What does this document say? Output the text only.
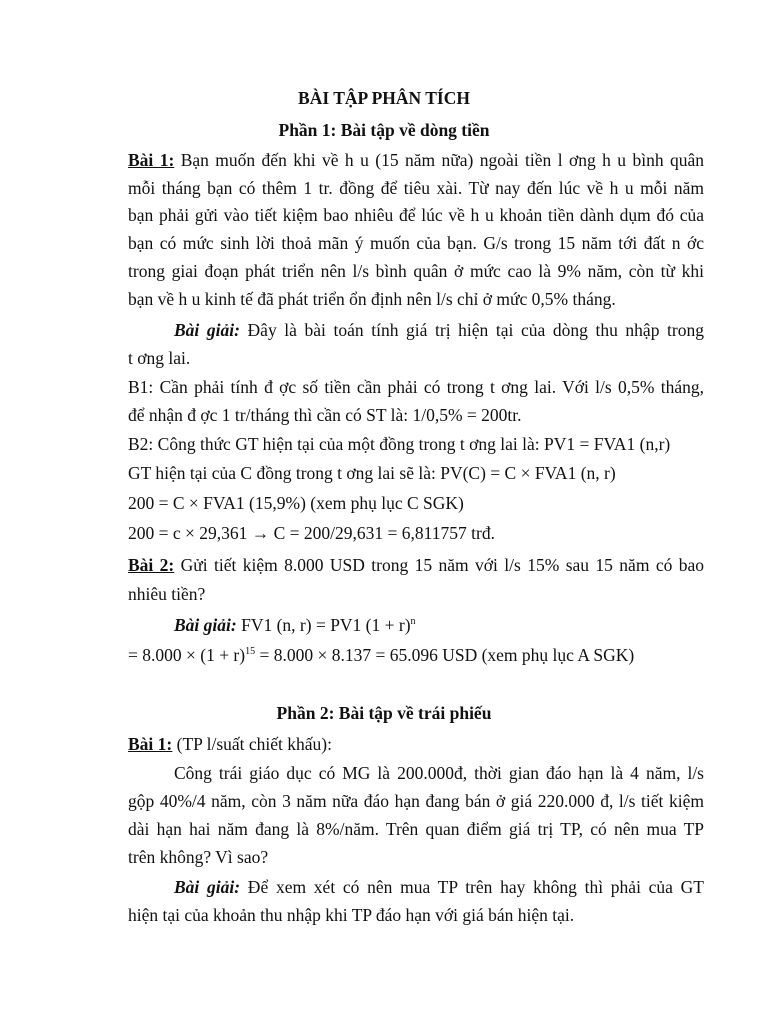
BÀI TẬP PHÂN TÍCH
Phần 1: Bài tập về dòng tiền
Bài 1: Bạn muốn đến khi về h u (15 năm nữa) ngoài tiền l ơng h u bình quân
mỗi tháng bạn có thêm 1 tr. đồng để tiêu xài. Từ nay đến lúc về h u mỗi năm
bạn phải gửi vào tiết kiệm bao nhiêu để lúc về h u khoản tiền dành dụm đó của
bạn có mức sinh lời thoả mãn ý muốn của bạn. G/s trong 15 năm tới đất n ớc
trong giai đoạn phát triển nên l/s bình quân ở mức cao là 9% năm, còn từ khi
bạn về h u kinh tế đã phát triển ổn định nên l/s chỉ ở mức 0,5% tháng.
Bài giải: Đây là bài toán tính giá trị hiện tại của dòng thu nhập trong
t ơng lai.
B1: Cần phải tính đ ợc số tiền cần phải có trong t ơng lai. Với l/s 0,5% tháng,
để nhận đ ợc 1 tr/tháng thì cần có ST là: 1/0,5% = 200tr.
B2: Công thức GT hiện tại của một đồng trong t ơng lai là: PV1 = FVA1 (n,r)
GT hiện tại của C đồng trong t ơng lai sẽ là: PV(C) = C × FVA1 (n, r)
200 = C × FVA1 (15,9%) (xem phụ lục C SGK)
200 = c × 29,361 → C = 200/29,631 = 6,811757 trđ.
Bài 2: Gửi tiết kiệm 8.000 USD trong 15 năm với l/s 15% sau 15 năm có bao
nhiêu tiền?
Bài giải: FV1 (n, r) = PV1 $(1 + r)^n$
= $8.000 \times (1 + r)^{15} = 8.000 \times 8.137 = 65.096$ USD (xem phụ lục A SGK)
Phần 2: Bài tập về trái phiếu
Bài 1: (TP l/suất chiết khấu):
Công trái giáo dục có MG là 200.000đ, thời gian đáo hạn là 4 năm, l/s
gộp 40%/4 năm, còn 3 năm nữa đáo hạn đang bán ở giá 220.000 đ, l/s tiết kiệm
dài hạn hai năm đang là 8%/năm. Trên quan điểm giá trị TP, có nên mua TP
trên không? Vì sao?
Bài giải: Để xem xét có nên mua TP trên hay không thì phải của GT
hiện tại của khoản thu nhập khi TP đáo hạn với giá bán hiện tại.
